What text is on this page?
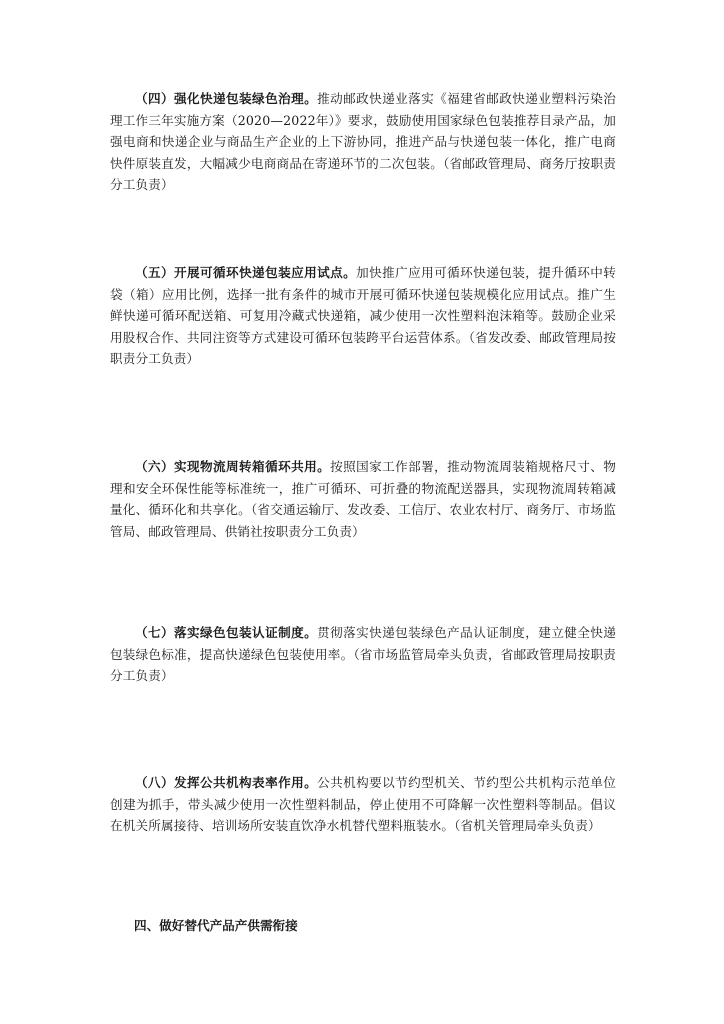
（四）强化快递包装绿色治理。推动邮政快递业落实《福建省邮政快递业塑料污染治理工作三年实施方案（2020—2022年）》要求，鼓励使用国家绿色包装推荐目录产品，加强电商和快递企业与商品生产企业的上下游协同，推进产品与快递包装一体化，推广电商快件原装直发，大幅减少电商商品在寄递环节的二次包装。（省邮政管理局、商务厅按职责分工负责）
（五）开展可循环快递包装应用试点。加快推广应用可循环快递包装，提升循环中转袋（箱）应用比例，选择一批有条件的城市开展可循环快递包装规模化应用试点。推广生鲜快递可循环配送箱、可复用冷藏式快递箱，减少使用一次性塑料泡沫箱等。鼓励企业采用股权合作、共同注资等方式建设可循环包装跨平台运营体系。（省发改委、邮政管理局按职责分工负责）
（六）实现物流周转箱循环共用。按照国家工作部署，推动物流周装箱规格尺寸、物理和安全环保性能等标准统一，推广可循环、可折叠的物流配送器具，实现物流周转箱减量化、循环化和共享化。（省交通运输厅、发改委、工信厅、农业农村厅、商务厅、市场监管局、邮政管理局、供销社按职责分工负责）
（七）落实绿色包装认证制度。贯彻落实快递包装绿色产品认证制度，建立健全快递包装绿色标准，提高快递绿色包装使用率。（省市场监管局牵头负责，省邮政管理局按职责分工负责）
（八）发挥公共机构表率作用。公共机构要以节约型机关、节约型公共机构示范单位创建为抓手，带头减少使用一次性塑料制品，停止使用不可降解一次性塑料等制品。倡议在机关所属接待、培训场所安装直饮净水机替代塑料瓶装水。（省机关管理局牵头负责）
四、做好替代产品产供需衔接
